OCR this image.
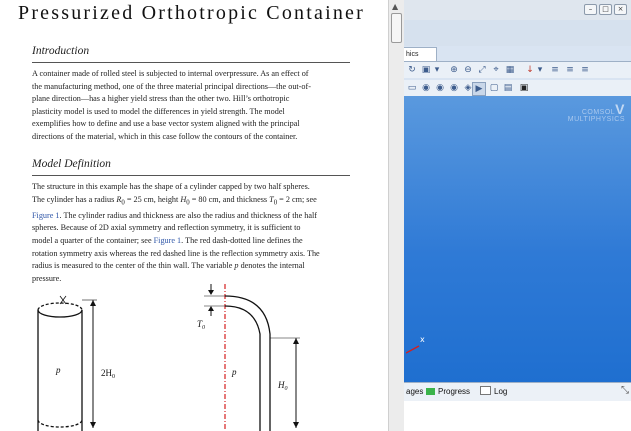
Pressurized Orthotropic Container
Introduction

A container made of rolled steel is subjected to internal overpressure. As an effect of

the manufacturing method, one of the three material principal directions—the out-of-

plane direction—has a higher yield stress than the other two. Hill’s orthotropic

plasticity model is used to model the differences in yield strength. The model

exemplifies how to define and use a base vector system aligned with the principal

directions of the material, which in this case follow the contours of the container.

Model Definition

The structure in this example has the shape of a cylinder capped by two half spheres.

The cylinder has a radius $R_0 = 25$ cm, height $H_0 = 80$ cm, and thickness $T_0 = 2$ cm; see

Figure 1. The cylinder radius and thickness are also the radius and thickness of the half

spheres. Because of 2D axial symmetry and reflection symmetry, it is sufficient to

model a quarter of the container; see Figure 1. The red dash-dotted line defines the

rotation symmetry axis whereas the red dashed line is the reflection symmetry axis. The

radius is measured to the center of the thin wall. The variable p denotes the internal

pressure.

p	$2H_0$
$T_0$
p
$H_0$
▲	–	□	×
hics
↻ ▣ ▾	⊕ ⊖ ⤢ ⌖ ▦ ↓ ▾ ≡ ≡ ≡
▭ ◉ ◉ ◉ ◈ ▶ ▢ ▤ ▣
COMSOLV
MULTIPHYSICS
x
ages	Progress	Log	⤡
